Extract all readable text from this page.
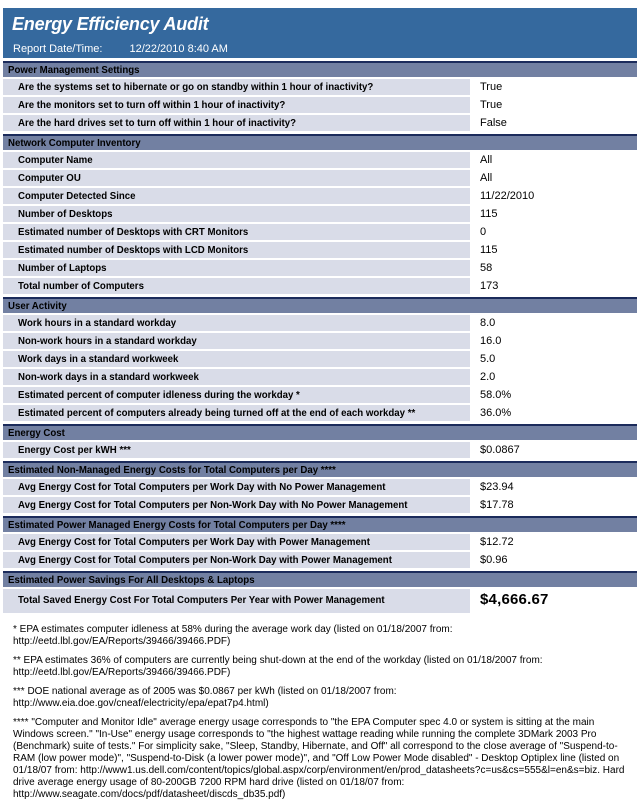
Energy Efficiency Audit
Report Date/Time: 12/22/2010 8:40 AM
Power Management Settings
Are the systems set to hibernate or go on standby within 1 hour of inactivity?	True
Are the monitors set to turn off within 1 hour of inactivity?	True
Are the hard drives set to turn off within 1 hour of inactivity?	False
Network Computer Inventory
Computer Name	All
Computer OU	All
Computer Detected Since	11/22/2010
Number of Desktops	115
Estimated number of Desktops with CRT Monitors	0
Estimated number of Desktops with LCD Monitors	115
Number of Laptops	58
Total number of Computers	173
User Activity
Work hours in a standard workday	8.0
Non-work hours in a standard workday	16.0
Work days in a standard workweek	5.0
Non-work days in a standard workweek	2.0
Estimated percent of computer idleness during the workday *	58.0%
Estimated percent of computers already being turned off at the end of each workday **	36.0%
Energy Cost
Energy Cost per kWH ***	$0.0867
Estimated Non-Managed Energy Costs for Total Computers per Day ****
Avg Energy Cost for Total Computers per Work Day with No Power Management	$23.94
Avg Energy Cost for Total Computers per Non-Work Day with No Power Management	$17.78
Estimated Power Managed Energy Costs for Total Computers per Day ****
Avg Energy Cost for Total Computers per Work Day with Power Management	$12.72
Avg Energy Cost for Total Computers per Non-Work Day with Power Management	$0.96
Estimated Power Savings For All Desktops & Laptops
Total Saved Energy Cost For Total Computers Per Year with Power Management	$4,666.67

* EPA estimates computer idleness at 58% during the average work day (listed on 01/18/2007 from: http://eetd.lbl.gov/EA/Reports/39466/39466.PDF)

** EPA estimates 36% of computers are currently being shut-down at the end of the workday (listed on 01/18/2007 from: http://eetd.lbl.gov/EA/Reports/39466/39466.PDF)

*** DOE national average as of 2005 was $0.0867 per kWh (listed on 01/18/2007 from: http://www.eia.doe.gov/cneaf/electricity/epa/epat7p4.html)

**** "Computer and Monitor Idle" average energy usage corresponds to "the EPA Computer spec 4.0 or system is sitting at the main Windows screen." "In-Use" energy usage corresponds to "the highest wattage reading while running the complete 3DMark 2003 Pro (Benchmark) suite of tests." For simplicity sake, "Sleep, Standby, Hibernate, and Off" all correspond to the close average of "Suspend-to-RAM (low power mode)", "Suspend-to-Disk (a lower power mode)", and "Off Low Power Mode disabled" - Desktop Optiplex line (listed on 01/18/07 from: http://www1.us.dell.com/content/topics/global.aspx/corp/environment/en/prod_datasheets?c=us&cs=555&l=en&s=biz. Hard drive average energy usage of 80-200GB 7200 RPM hard drive (listed on 01/18/07 from: http://www.seagate.com/docs/pdf/datasheet/discds_db35.pdf)
